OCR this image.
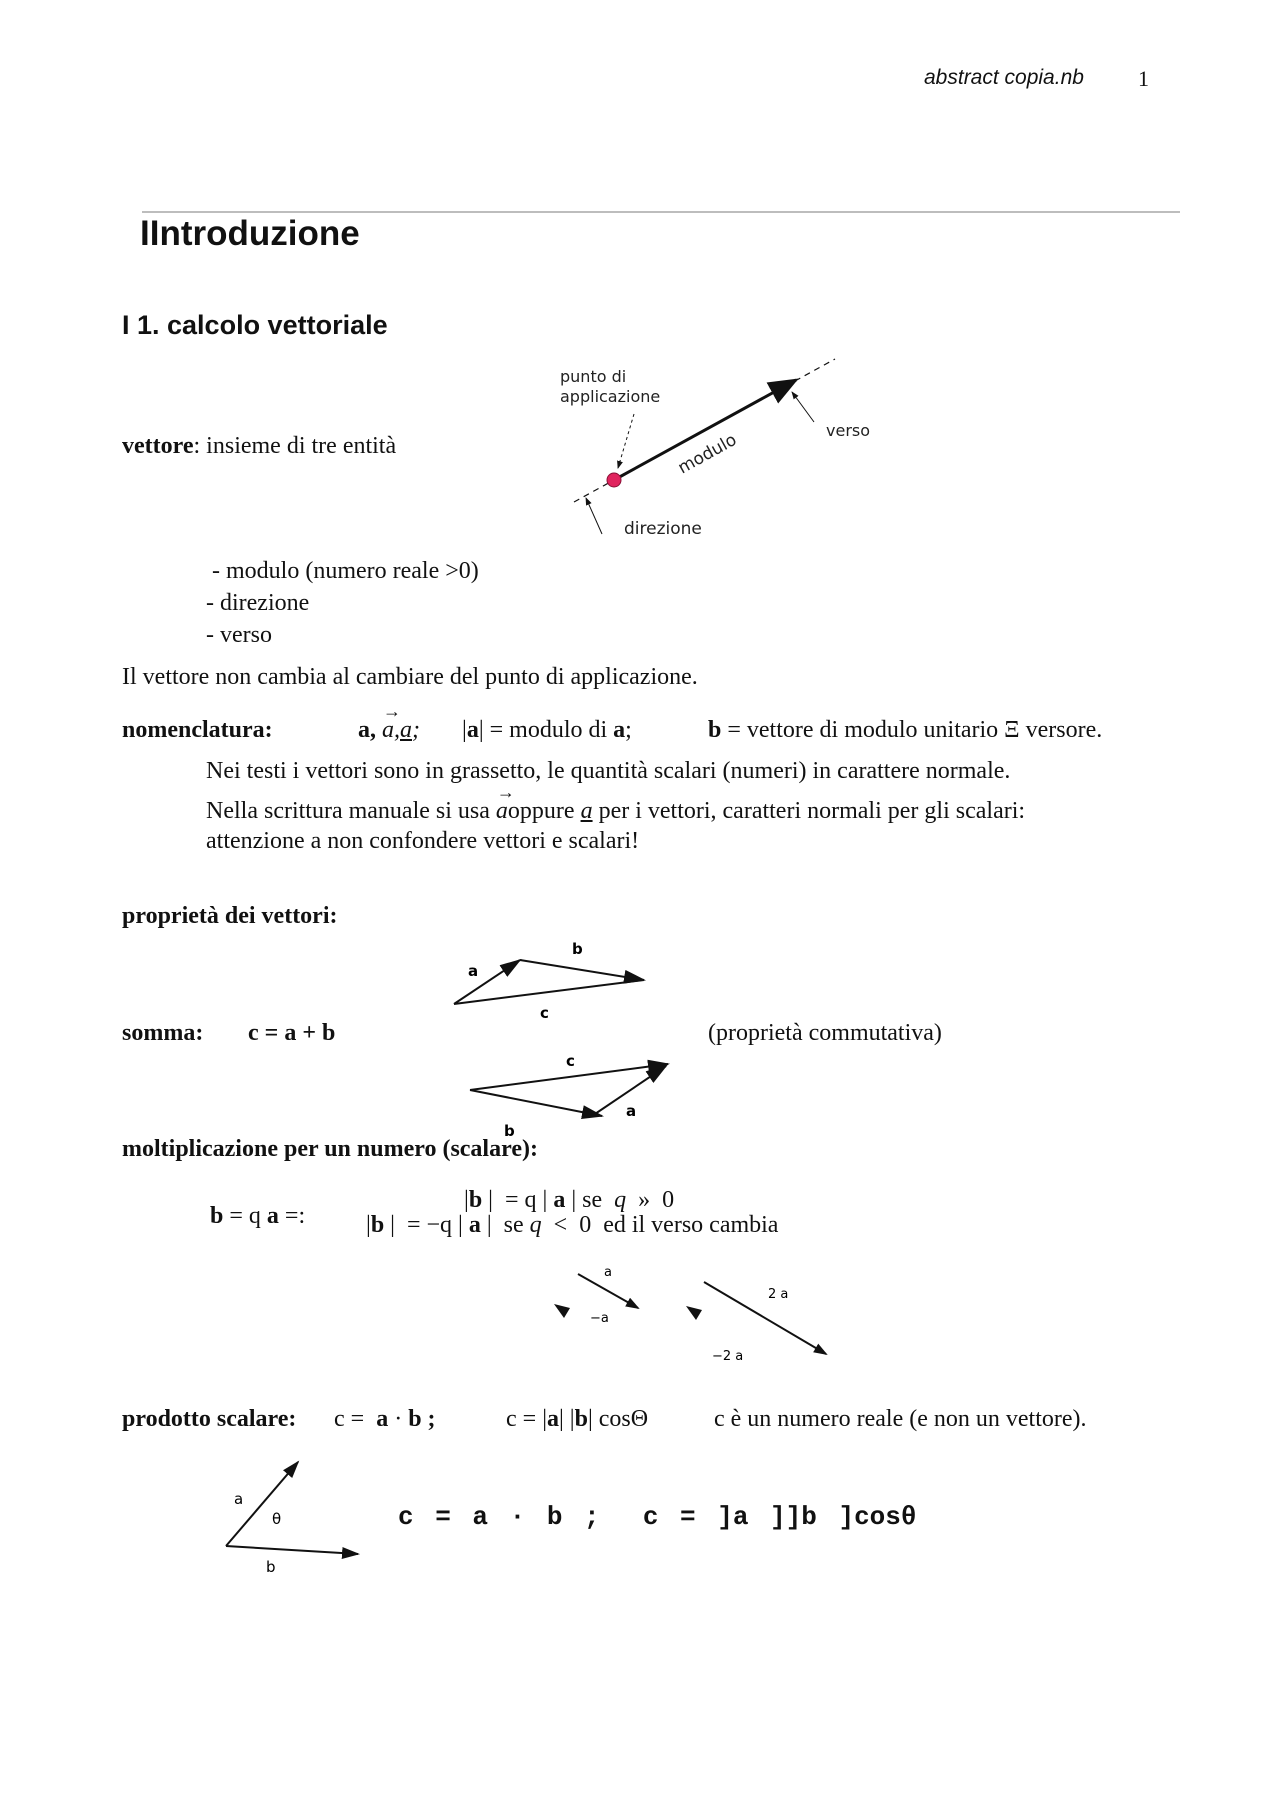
abstract copia.nb 1
IIntroduzione
I 1. calcolo vettoriale
vettore: insieme di tre entità
punto di
applicazione
modulo	verso
direzione
- modulo (numero reale >0)
- direzione
- verso
Il vettore non cambia al cambiare del punto di applicazione.
nomenclatura:	a,
→
a,a; |a| = modulo di a;	b = vettore di modulo unitario Ξ versore.
Nei testi i vettori sono in grassetto, le quantità scalari (numeri) in carattere normale.
Nella scrittura manuale si usa
→
aoppure a per i vettori, caratteri normali per gli scalari:
attenzione a non confondere vettori e scalari!
proprietà dei vettori:
a
b
c
somma: c = a + b	(proprietà commutativa)
c
b
a
moltiplicazione per un numero (scalare):
b = q a =:
|b |  = q | a | se  q  »  0
|b |  = −q | a |  se q  <  0  ed il verso cambia
a
−a
2 a
−2 a
prodotto scalare: c =  a · b ;	c = |a| |b| cosΘ	c è un numero reale (e non un vettore).
a
θ
b
c = a · b ;  c = ]a ]]b ]cosθ
